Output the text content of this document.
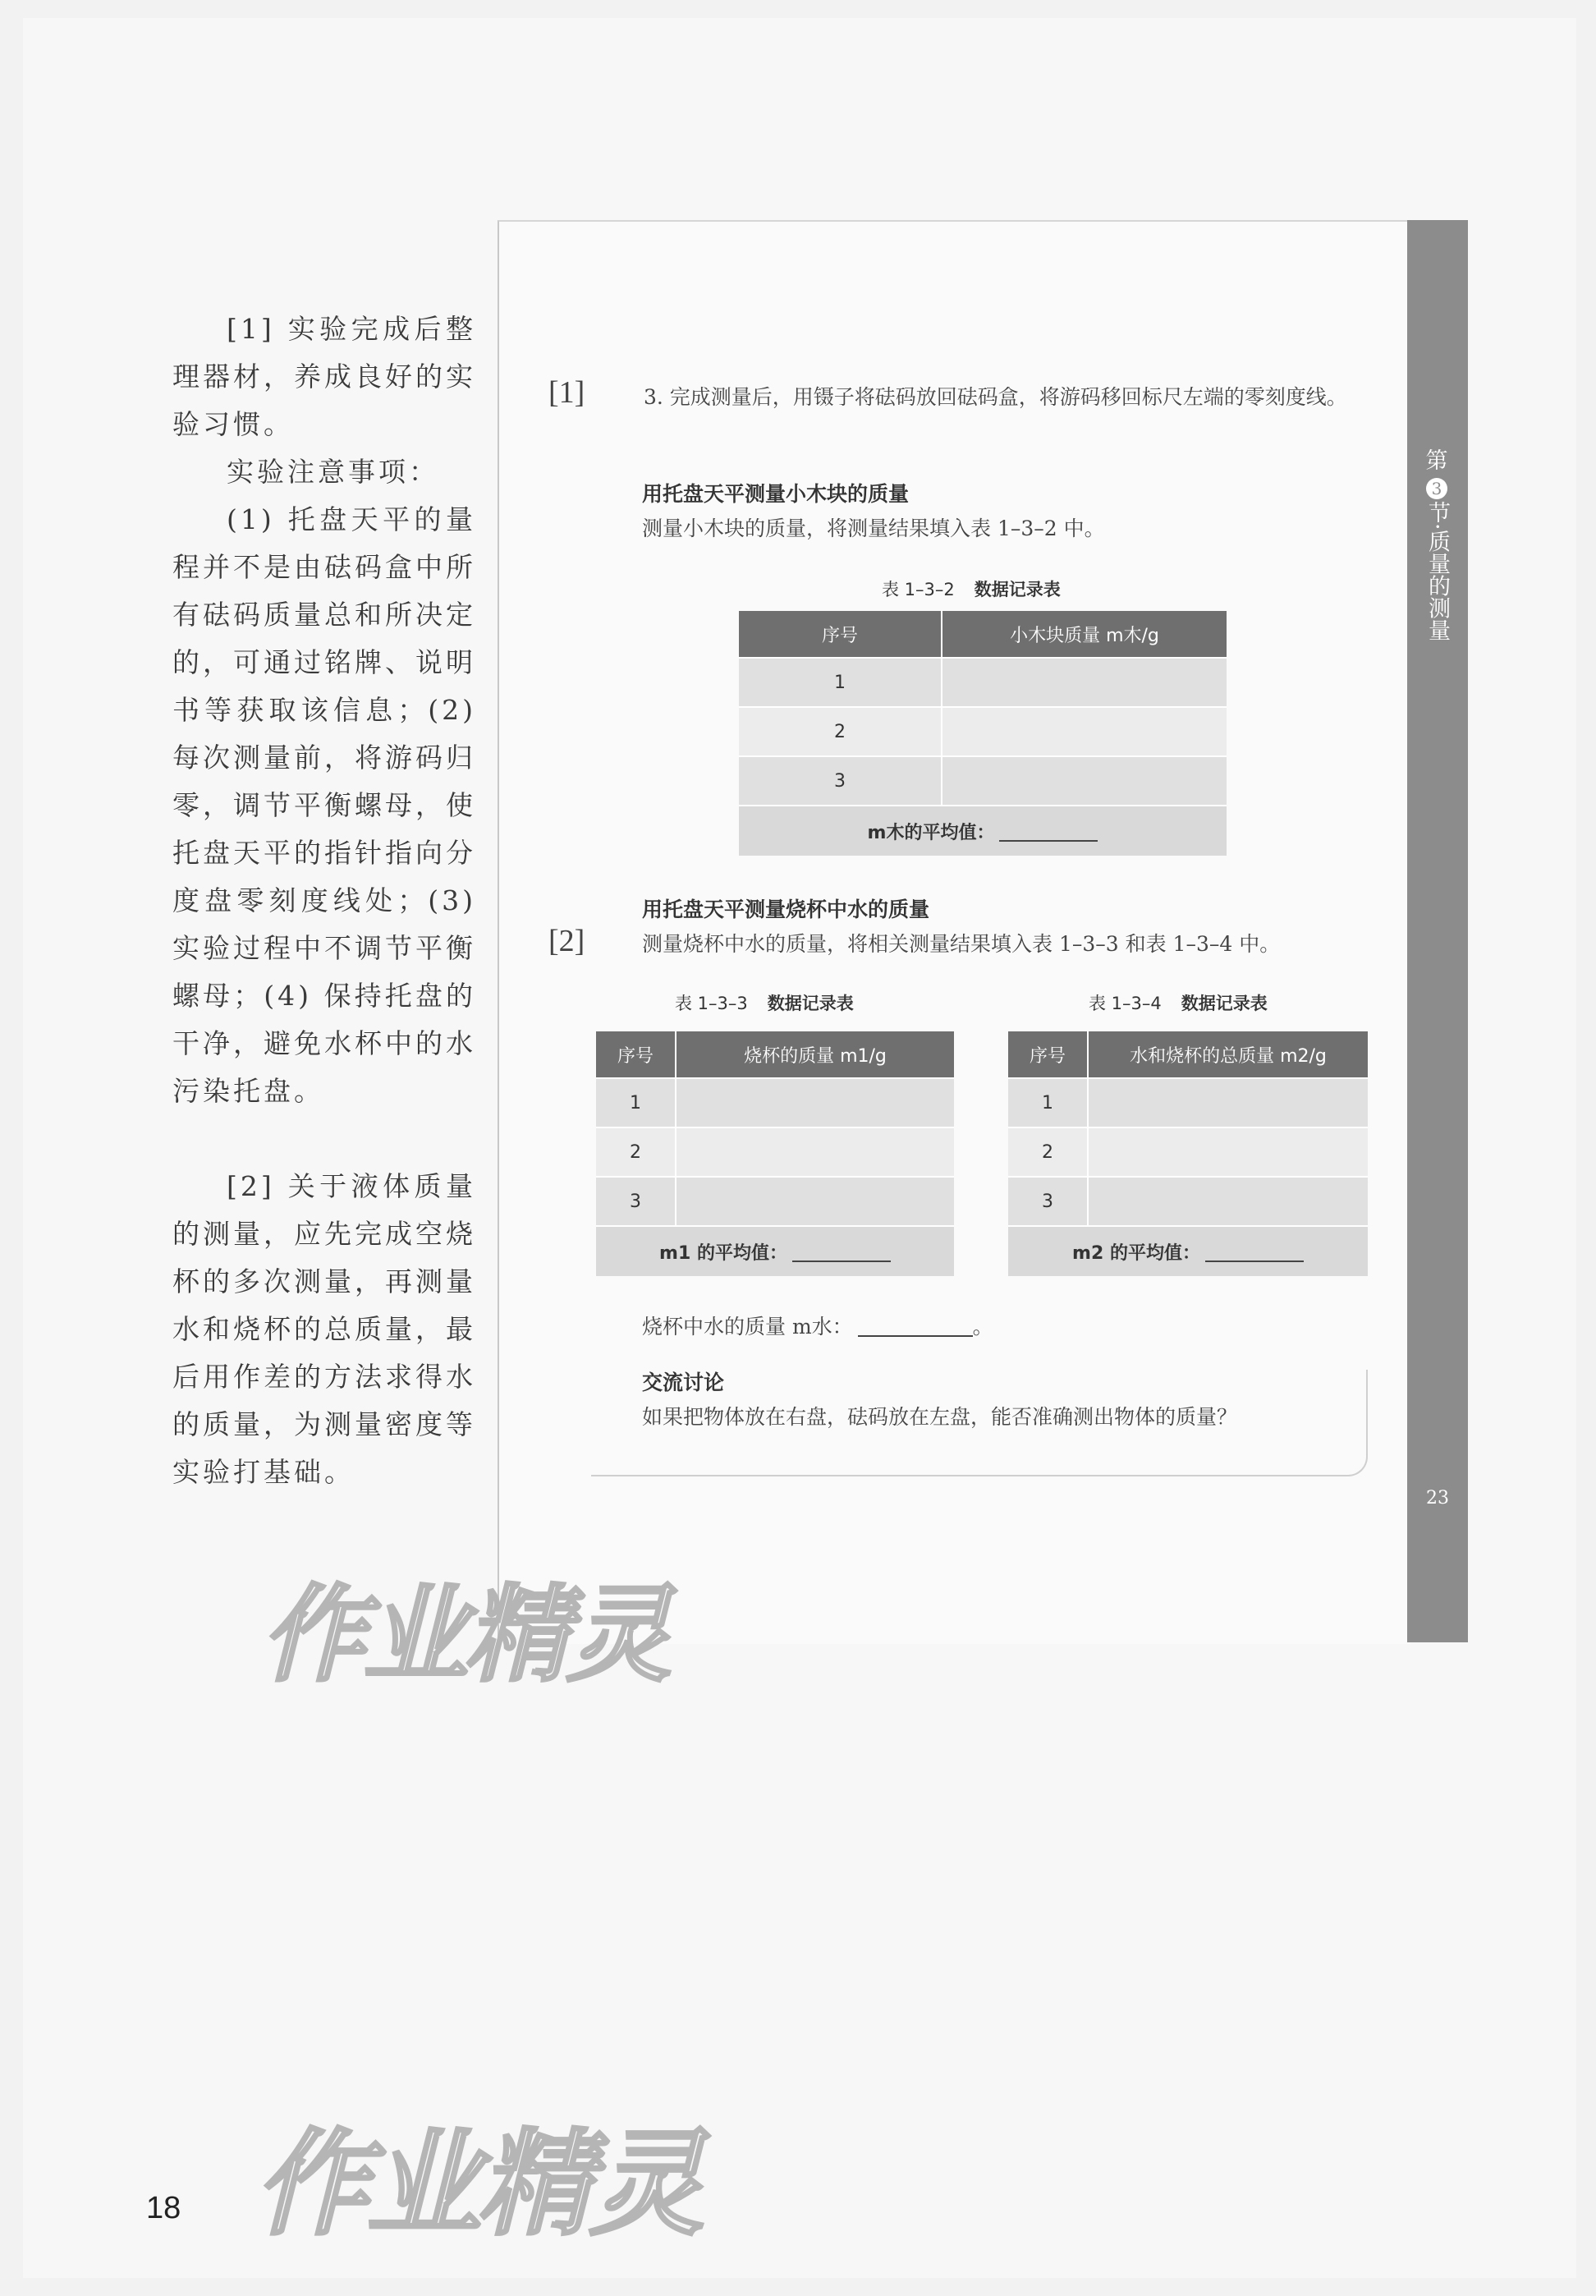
[1] 实验完成后整理器材，养成良好的实验习惯。

实验注意事项：

(1) 托盘天平的量程并不是由砝码盒中所有砝码质量总和所决定的，可通过铭牌、说明书等获取该信息；(2) 每次测量前，将游码归零，调节平衡螺母，使托盘天平的指针指向分度盘零刻度线处；(3) 实验过程中不调节平衡螺母；(4) 保持托盘的干净，避免水杯中的水污染托盘。

[2] 关于液体质量的测量，应先完成空烧杯的多次测量，再测量水和烧杯的总质量，最后用作差的方法求得水的质量，为测量密度等实验打基础。

第
3
节·质量的测量
23
[1]	3. 完成测量后，用镊子将砝码放回砝码盒，将游码移回标尺左端的零刻度线。
用托盘天平测量小木块的质量
测量小木块的质量，将测量结果填入表 1–3–2 中。
表 1–3–2 数据记录表
序号	小木块质量 m木/g
1	
2	
3	
m木的平均值：	
用托盘天平测量烧杯中水的质量
[2]	测量烧杯中水的质量，将相关测量结果填入表 1–3–3 和表 1–3–4 中。
表 1–3–3 数据记录表
序号	烧杯的质量 m1/g
1	
2	
3	
m1 的平均值：	
表 1–3–4 数据记录表
序号	水和烧杯的总质量 m2/g
1	
2	
3	
m2 的平均值：	
烧杯中水的质量 m水：	。
交流讨论
如果把物体放在右盘，砝码放在左盘，能否准确测出物体的质量？
作业精灵
作业精灵
18
